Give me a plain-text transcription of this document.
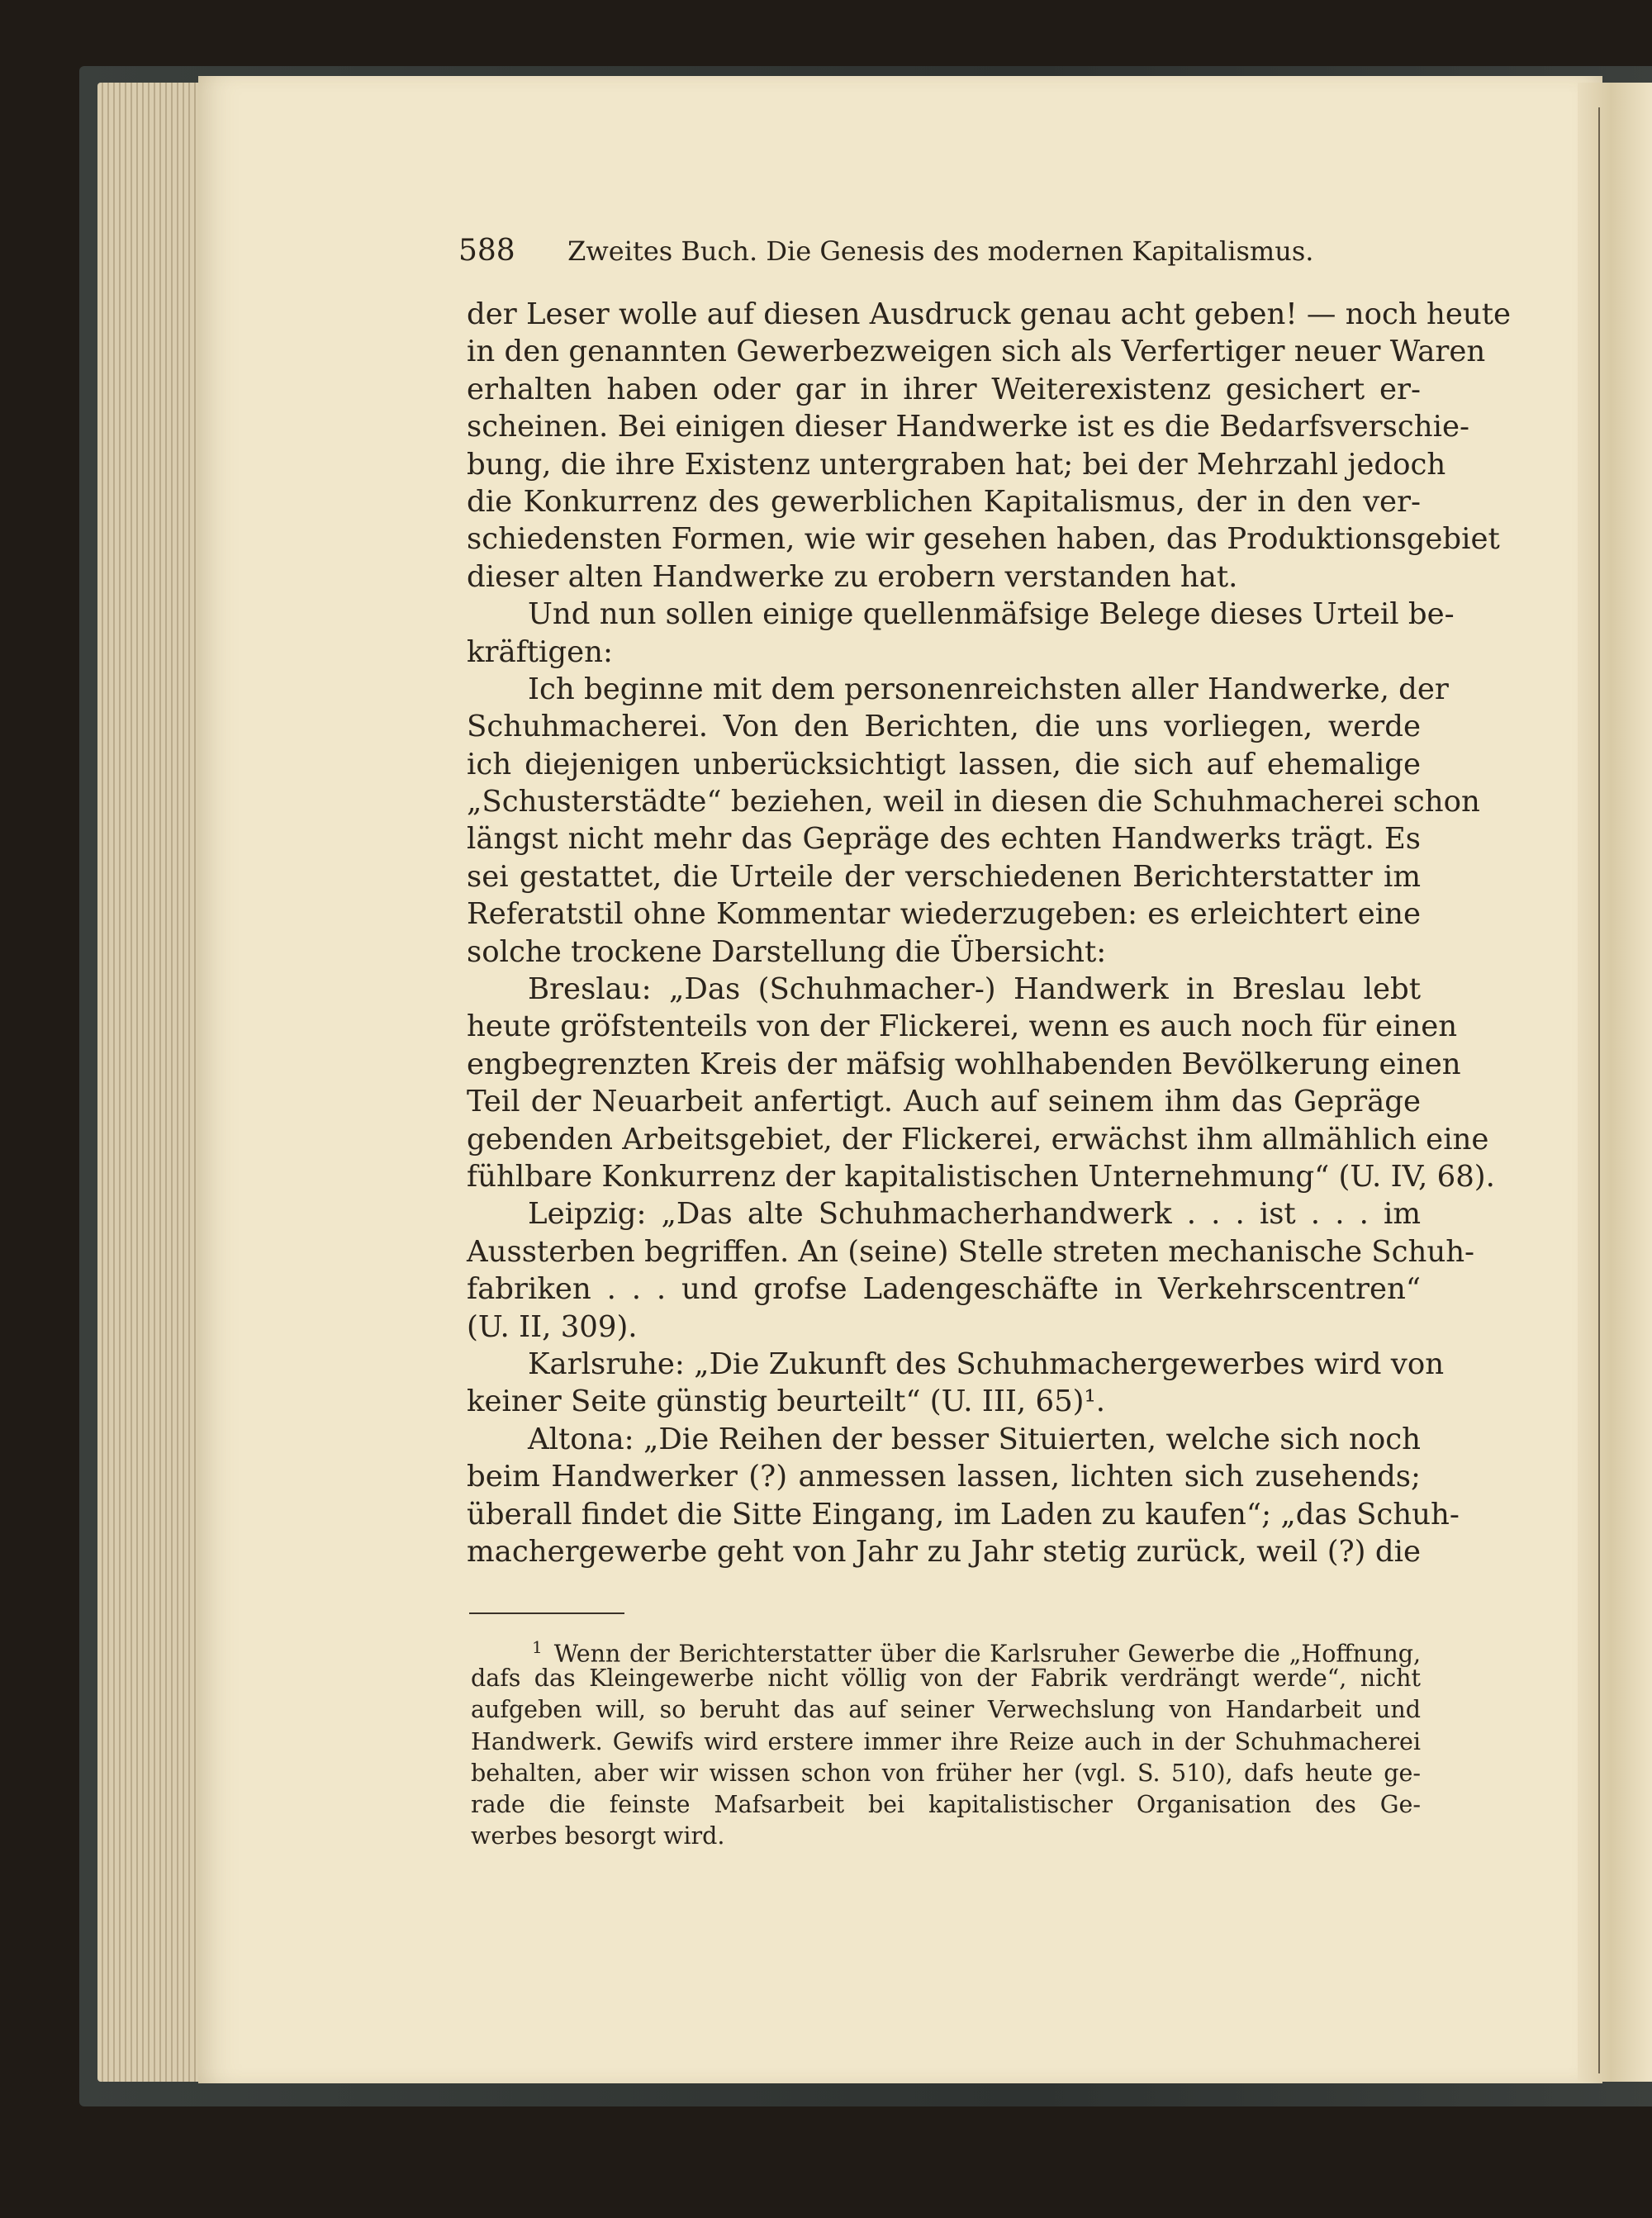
588 Zweites Buch. Die Genesis des modernen Kapitalismus.
der Leser wolle auf diesen Ausdruck genau acht geben! — noch heute
in den genannten Gewerbezweigen sich als Verfertiger neuer Waren
erhalten haben oder gar in ihrer Weiterexistenz gesichert er-
scheinen. Bei einigen dieser Handwerke ist es die Bedarfsverschie-
bung, die ihre Existenz untergraben hat; bei der Mehrzahl jedoch
die Konkurrenz des gewerblichen Kapitalismus, der in den ver-
schiedensten Formen, wie wir gesehen haben, das Produktionsgebiet
dieser alten Handwerke zu erobern verstanden hat.
Und nun sollen einige quellenmäfsige Belege dieses Urteil be-
kräftigen:
Ich beginne mit dem personenreichsten aller Handwerke, der
Schuhmacherei. Von den Berichten, die uns vorliegen, werde
ich diejenigen unberücksichtigt lassen, die sich auf ehemalige
„Schusterstädte“ beziehen, weil in diesen die Schuhmacherei schon
längst nicht mehr das Gepräge des echten Handwerks trägt. Es
sei gestattet, die Urteile der verschiedenen Berichterstatter im
Referatstil ohne Kommentar wiederzugeben: es erleichtert eine
solche trockene Darstellung die Übersicht:
Breslau: „Das (Schuhmacher-) Handwerk in Breslau lebt
heute gröfstenteils von der Flickerei, wenn es auch noch für einen
engbegrenzten Kreis der mäfsig wohlhabenden Bevölkerung einen
Teil der Neuarbeit anfertigt. Auch auf seinem ihm das Gepräge
gebenden Arbeitsgebiet, der Flickerei, erwächst ihm allmählich eine
fühlbare Konkurrenz der kapitalistischen Unternehmung“ (U. IV, 68).
Leipzig: „Das alte Schuhmacherhandwerk . . . ist . . . im
Aussterben begriffen. An (seine) Stelle streten mechanische Schuh-
fabriken . . . und grofse Ladengeschäfte in Verkehrscentren“
(U. II, 309).
Karlsruhe: „Die Zukunft des Schuhmachergewerbes wird von
keiner Seite günstig beurteilt“ (U. III, 65)¹.
Altona: „Die Reihen der besser Situierten, welche sich noch
beim Handwerker (?) anmessen lassen, lichten sich zusehends;
überall findet die Sitte Eingang, im Laden zu kaufen“; „das Schuh-
machergewerbe geht von Jahr zu Jahr stetig zurück, weil (?) die
$^1$ Wenn der Berichterstatter über die Karlsruher Gewerbe die „Hoffnung,
dafs das Kleingewerbe nicht völlig von der Fabrik verdrängt werde“, nicht
aufgeben will, so beruht das auf seiner Verwechslung von Handarbeit und
Handwerk. Gewifs wird erstere immer ihre Reize auch in der Schuhmacherei
behalten, aber wir wissen schon von früher her (vgl. S. 510), dafs heute ge-
rade die feinste Mafsarbeit bei kapitalistischer Organisation des Ge-
werbes besorgt wird.
